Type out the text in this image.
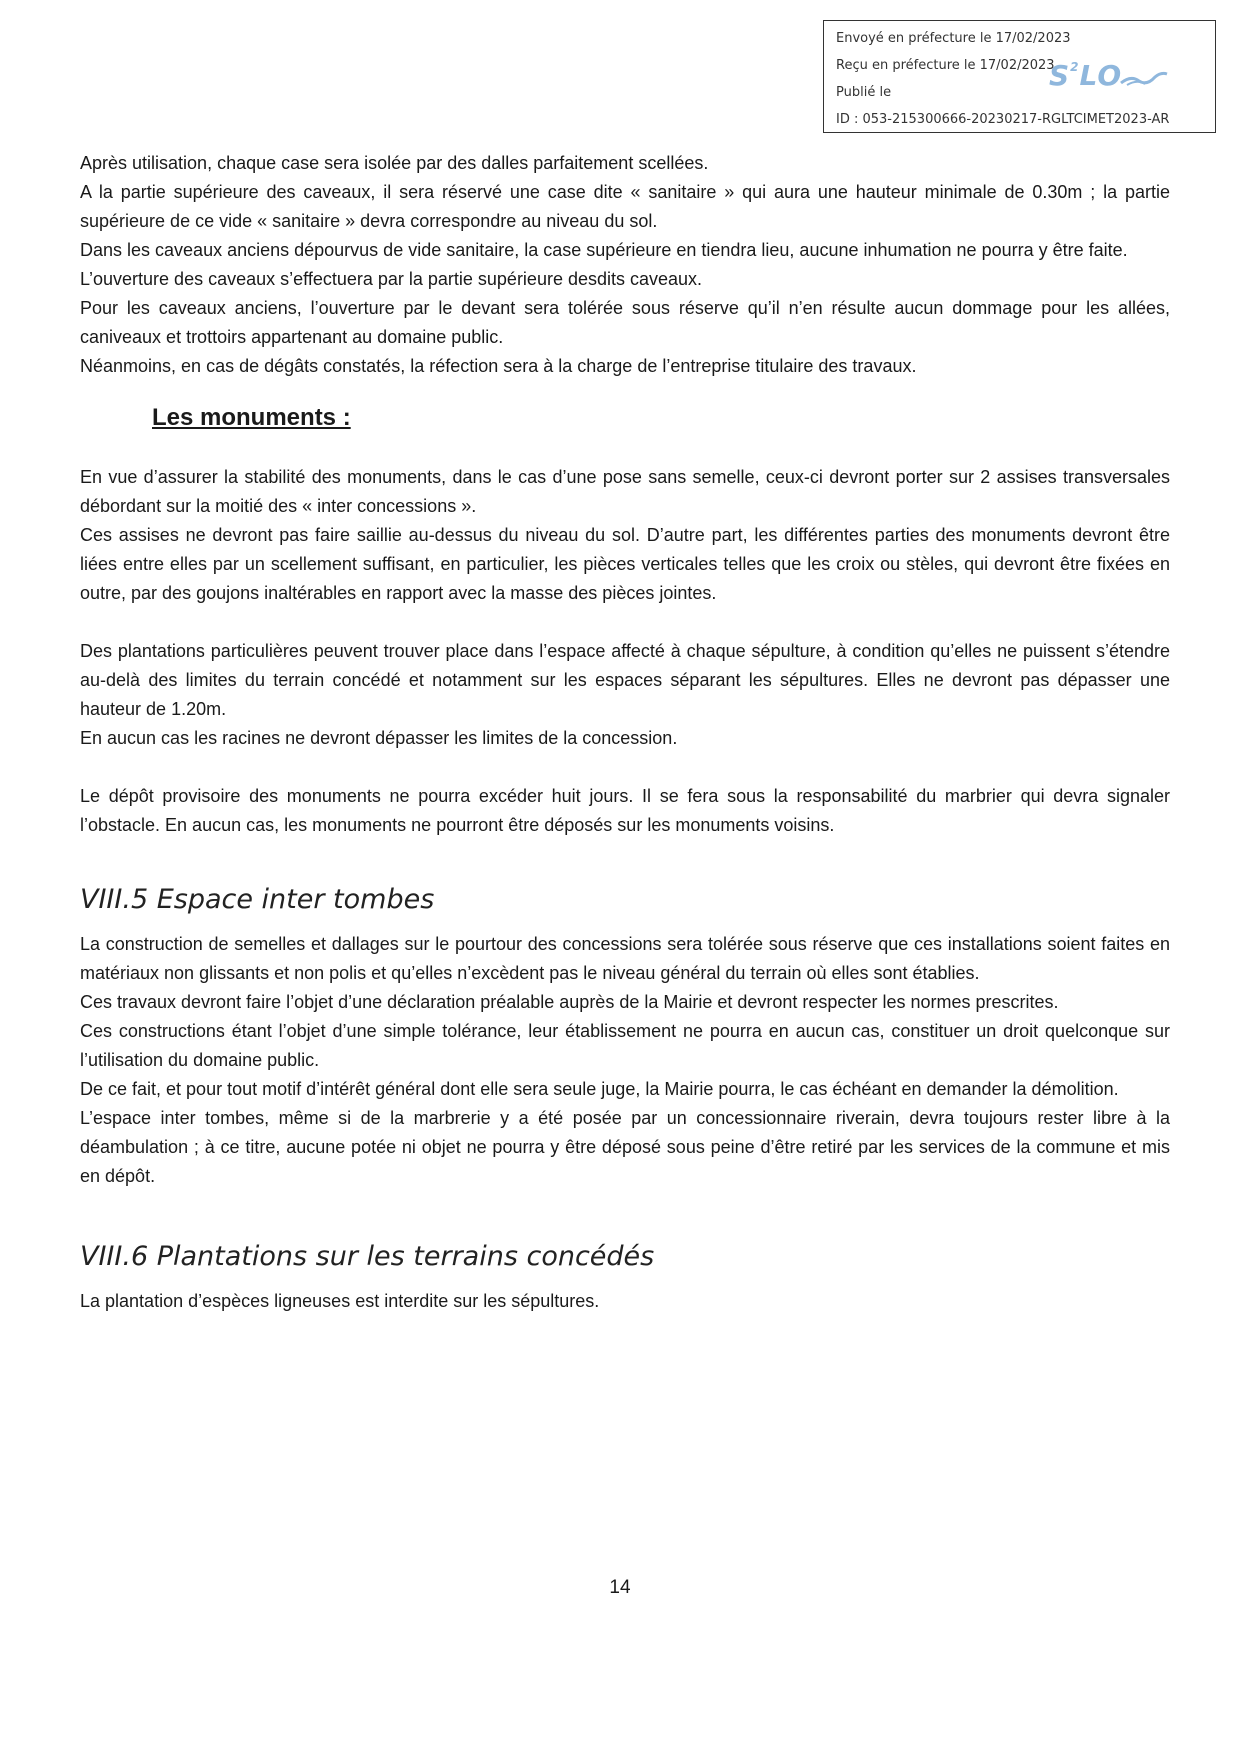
Envoyé en préfecture le 17/02/2023
Reçu en préfecture le 17/02/2023
Publié le
ID : 053-215300666-20230217-RGLTCIMET2023-AR
$S^2LO$

Après utilisation, chaque case sera isolée par des dalles parfaitement scellées.

A la partie supérieure des caveaux, il sera réservé une case dite « sanitaire » qui aura une hauteur minimale de 0.30m ; la partie supérieure de ce vide « sanitaire » devra correspondre au niveau du sol.

Dans les caveaux anciens dépourvus de vide sanitaire, la case supérieure en tiendra lieu, aucune inhumation ne pourra y être faite.

L’ouverture des caveaux s’effectuera par la partie supérieure desdits caveaux.

Pour les caveaux anciens, l’ouverture par le devant sera tolérée sous réserve qu’il n’en résulte aucun dommage pour les allées, caniveaux et trottoirs appartenant au domaine public.

Néanmoins, en cas de dégâts constatés, la réfection sera à la charge de l’entreprise titulaire des travaux.

Les monuments :

En vue d’assurer la stabilité des monuments, dans le cas d’une pose sans semelle, ceux-ci devront porter sur 2 assises transversales débordant sur la moitié des « inter concessions ».

Ces assises ne devront pas faire saillie au-dessus du niveau du sol. D’autre part, les différentes parties des monuments devront être liées entre elles par un scellement suffisant, en particulier, les pièces verticales telles que les croix ou stèles, qui devront être fixées en outre, par des goujons inaltérables en rapport avec la masse des pièces jointes.

Des plantations particulières peuvent trouver place dans l’espace affecté à chaque sépulture, à condition qu’elles ne puissent s’étendre au-delà des limites du terrain concédé et notamment sur les espaces séparant les sépultures. Elles ne devront pas dépasser une hauteur de 1.20m.

En aucun cas les racines ne devront dépasser les limites de la concession.

Le dépôt provisoire des monuments ne pourra excéder huit jours. Il se fera sous la responsabilité du marbrier qui devra signaler l’obstacle. En aucun cas, les monuments ne pourront être déposés sur les monuments voisins.

VIII.5 Espace inter tombes

La construction de semelles et dallages sur le pourtour des concessions sera tolérée sous réserve que ces installations soient faites en matériaux non glissants et non polis et qu’elles n’excèdent pas le niveau général du terrain où elles sont établies.

Ces travaux devront faire l’objet d’une déclaration préalable auprès de la Mairie et devront respecter les normes prescrites.

Ces constructions étant l’objet d’une simple tolérance, leur établissement ne pourra en aucun cas, constituer un droit quelconque sur l’utilisation du domaine public.

De ce fait, et pour tout motif d’intérêt général dont elle sera seule juge, la Mairie pourra, le cas échéant en demander la démolition.

L’espace inter tombes, même si de la marbrerie y a été posée par un concessionnaire riverain, devra toujours rester libre à la déambulation ; à ce titre, aucune potée ni objet ne pourra y être déposé sous peine d’être retiré par les services de la commune et mis en dépôt.

VIII.6 Plantations sur les terrains concédés

La plantation d’espèces ligneuses est interdite sur les sépultures.

14
